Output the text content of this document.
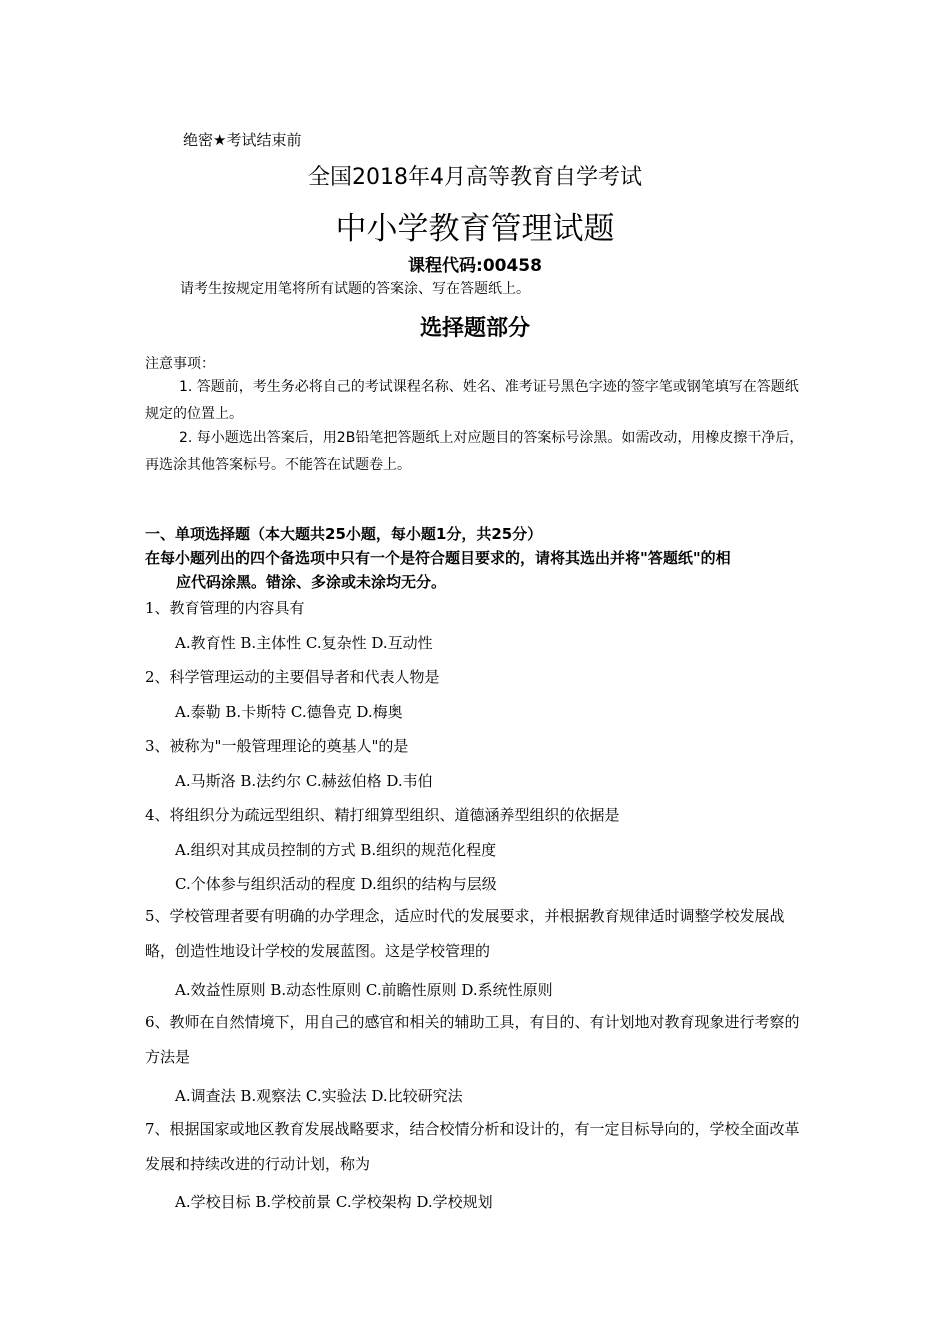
绝密★考试结束前
全国2018年4月高等教育自学考试
中小学教育管理试题
课程代码:00458
请考生按规定用笔将所有试题的答案涂、写在答题纸上。
选择题部分
注意事项：
1. 答题前，考生务必将自己的考试课程名称、姓名、准考证号黑色字迹的签字笔或钢笔填写在答题纸规定的位置上。
2. 每小题选出答案后，用2B铅笔把答题纸上对应题目的答案标号涂黑。如需改动，用橡皮擦干净后，再选涂其他答案标号。不能答在试题卷上。
一、单项选择题（本大题共25小题，每小题1分，共25分）
在每小题列出的四个备选项中只有一个是符合题目要求的，请将其选出并将"答题纸"的相
应代码涂黑。错涂、多涂或未涂均无分。
1、教育管理的内容具有
A.教育性 B.主体性 C.复杂性 D.互动性
2、科学管理运动的主要倡导者和代表人物是
A.泰勒 B.卡斯特 C.德鲁克 D.梅奥
3、被称为"一般管理理论的奠基人"的是
A.马斯洛 B.法约尔 C.赫兹伯格 D.韦伯
4、将组织分为疏远型组织、精打细算型组织、道德涵养型组织的依据是
A.组织对其成员控制的方式 B.组织的规范化程度
C.个体参与组织活动的程度 D.组织的结构与层级
5、学校管理者要有明确的办学理念，适应时代的发展要求，并根据教育规律适时调整学校发展战略，创造性地设计学校的发展蓝图。这是学校管理的
A.效益性原则 B.动态性原则 C.前瞻性原则 D.系统性原则
6、教师在自然情境下，用自己的感官和相关的辅助工具，有目的、有计划地对教育现象进行考察的方法是
A.调查法 B.观察法 C.实验法 D.比较研究法
7、根据国家或地区教育发展战略要求，结合校情分析和设计的，有一定目标导向的，学校全面改革发展和持续改进的行动计划，称为
A.学校目标 B.学校前景 C.学校架构 D.学校规划
